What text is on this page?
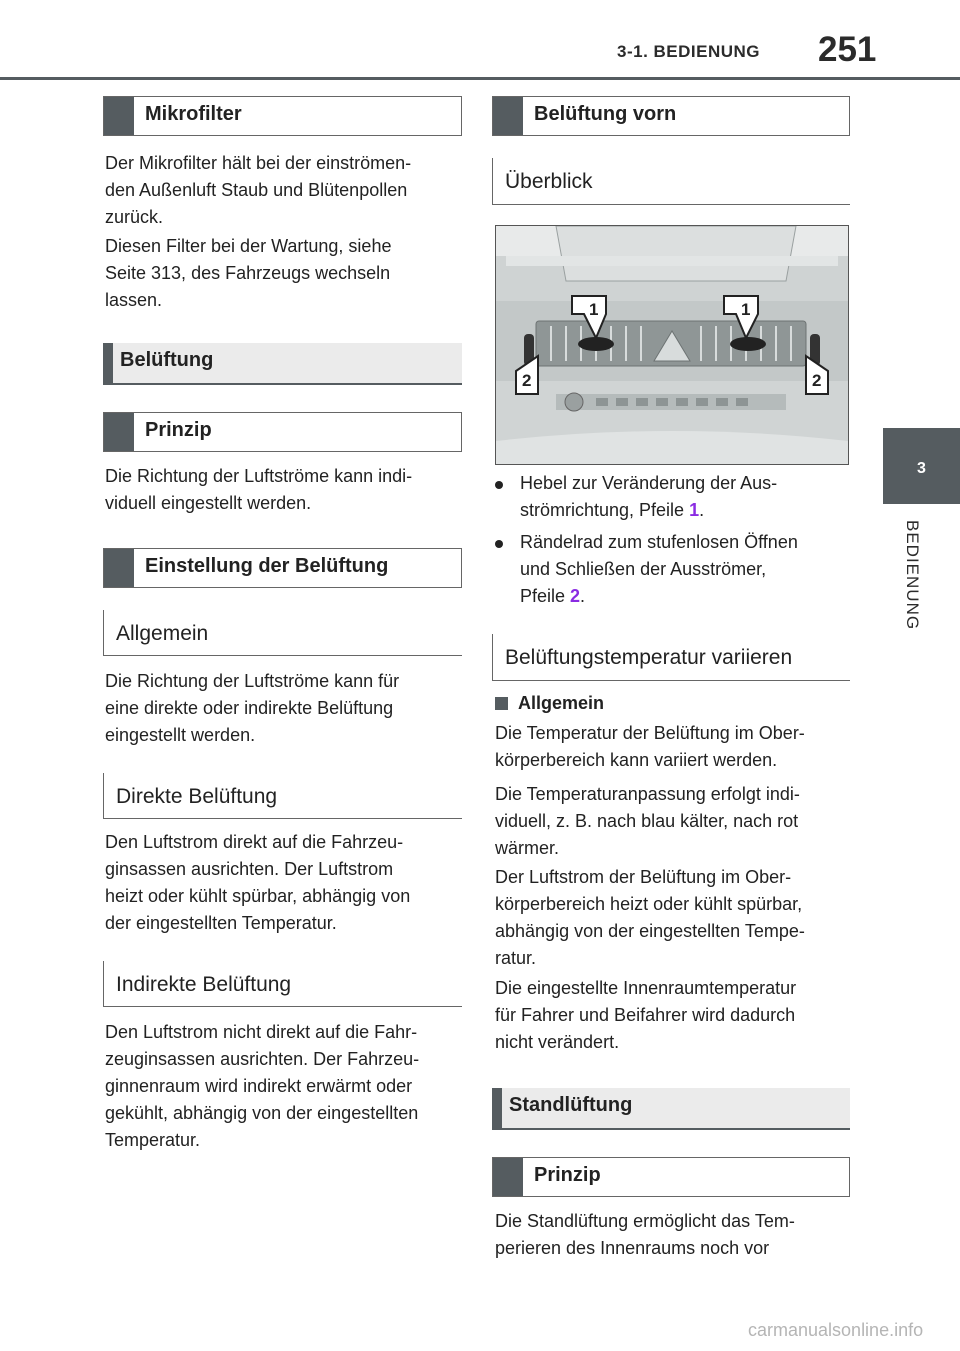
3-1. BEDIENUNG 251
3
BEDIENUNG
Mikrofilter
Der Mikrofilter hält bei der einströmen-
den Außenluft Staub und Blütenpollen
zurück.
Diesen Filter bei der Wartung, siehe
Seite 313, des Fahrzeugs wechseln
lassen.
Belüftung
Prinzip
Die Richtung der Luftströme kann indi-
viduell eingestellt werden.
Einstellung der Belüftung
Allgemein
Die Richtung der Luftströme kann für
eine direkte oder indirekte Belüftung
eingestellt werden.
Direkte Belüftung
Den Luftstrom direkt auf die Fahrzeu-
ginsassen ausrichten. Der Luftstrom
heizt oder kühlt spürbar, abhängig von
der eingestellten Temperatur.
Indirekte Belüftung
Den Luftstrom nicht direkt auf die Fahr-
zeuginsassen ausrichten. Der Fahrzeu-
ginnenraum wird indirekt erwärmt oder
gekühlt, abhängig von der eingestellten
Temperatur.
Belüftung vorn
Überblick
1	1
2	2
Hebel zur Veränderung der Aus-
strömrichtung, Pfeile 1.
Rändelrad zum stufenlosen Öffnen
und Schließen der Ausströmer,
Pfeile 2.
Belüftungstemperatur variieren
Allgemein
Die Temperatur der Belüftung im Ober-
körperbereich kann variiert werden.
Die Temperaturanpassung erfolgt indi-
viduell, z. B. nach blau kälter, nach rot
wärmer.
Der Luftstrom der Belüftung im Ober-
körperbereich heizt oder kühlt spürbar,
abhängig von der eingestellten Tempe-
ratur.
Die eingestellte Innenraumtemperatur
für Fahrer und Beifahrer wird dadurch
nicht verändert.
Standlüftung
Prinzip
Die Standlüftung ermöglicht das Tem-
perieren des Innenraums noch vor
carmanualsonline.info
